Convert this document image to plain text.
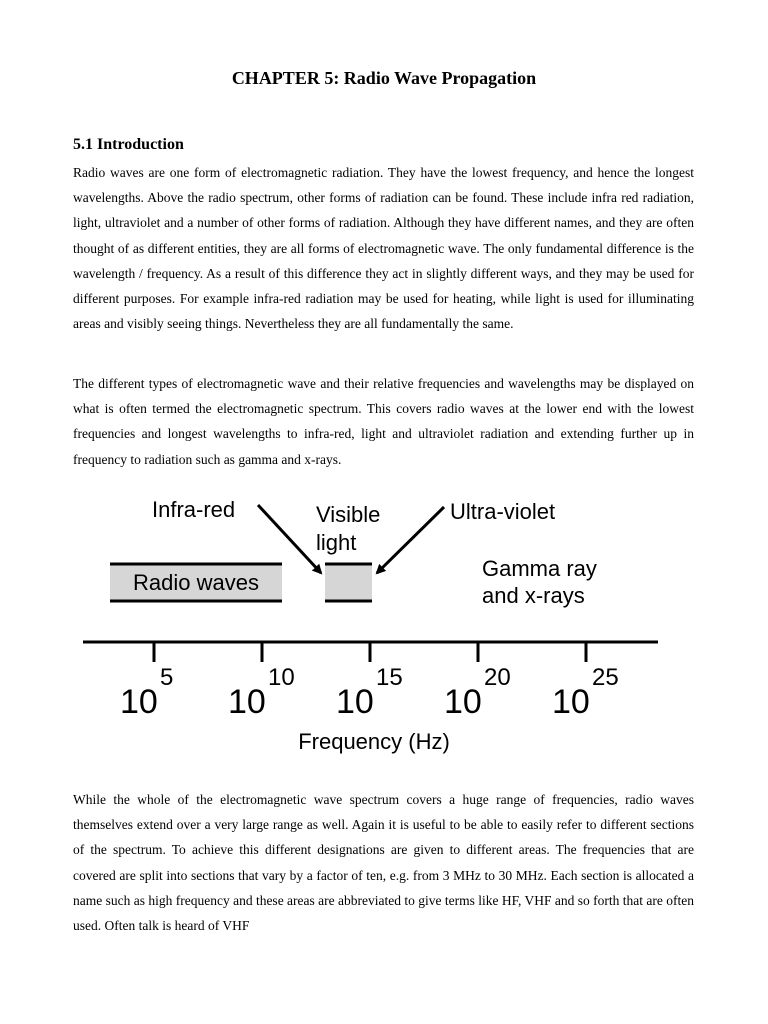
CHAPTER 5: Radio Wave Propagation
5.1 Introduction

Radio waves are one form of electromagnetic radiation. They have the lowest frequency, and hence the longest wavelengths. Above the radio spectrum, other forms of radiation can be found. These include infra red radiation, light, ultraviolet and a number of other forms of radiation. Although they have different names, and they are often thought of as different entities, they are all forms of electromagnetic wave. The only fundamental difference is the wavelength / frequency. As a result of this difference they act in slightly different ways, and they may be used for different purposes. For example infra-red radiation may be used for heating, while light is used for illuminating areas and visibly seeing things. Nevertheless they are all fundamentally the same.

The different types of electromagnetic wave and their relative frequencies and wavelengths may be displayed on what is often termed the electromagnetic spectrum. This covers radio waves at the lower end with the lowest frequencies and longest wavelengths to infra-red, light and ultraviolet radiation and extending further up in frequency to radiation such as gamma and x-rays.

Radio waves
Infra-red	Visible
light
Ultra-violet
Gamma ray
and x-rays
10
5
10
10
10
15
10
20
10
25
Frequency (Hz)

While the whole of the electromagnetic wave spectrum covers a huge range of frequencies, radio waves themselves extend over a very large range as well. Again it is useful to be able to easily refer to different sections of the spectrum. To achieve this different designations are given to different areas. The frequencies that are covered are split into sections that vary by a factor of ten, e.g. from 3 MHz to 30 MHz. Each section is allocated a name such as high frequency and these areas are abbreviated to give terms like HF, VHF and so forth that are often used. Often talk is heard of VHF
